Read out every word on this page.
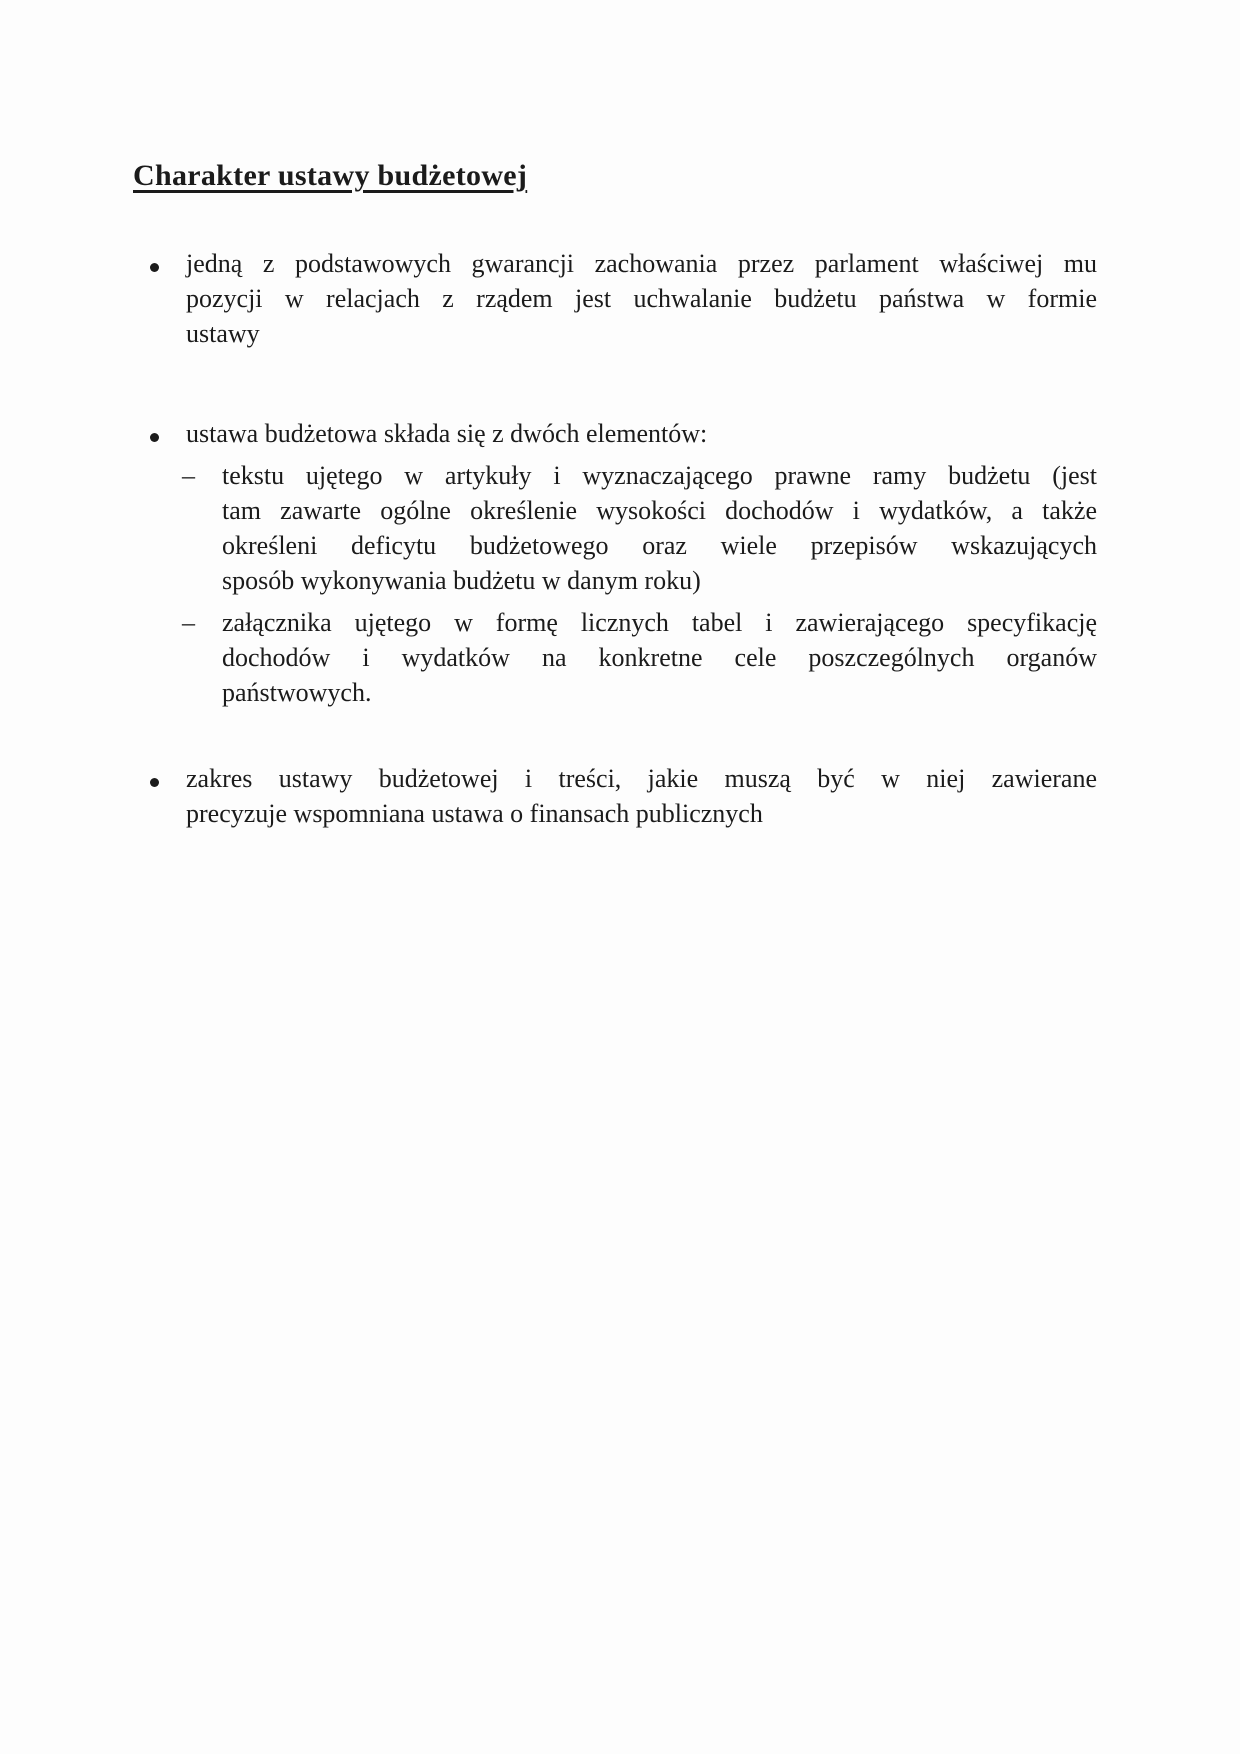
Charakter ustawy budżetowej
jedną z podstawowych gwarancji zachowania przez parlament właściwej mu
pozycji w relacjach z rządem jest uchwalanie budżetu państwa w formie
ustawy
ustawa budżetowa składa się z dwóch elementów:
– tekstu ujętego w artykuły i wyznaczającego prawne ramy budżetu (jest
tam zawarte ogólne określenie wysokości dochodów i wydatków, a także
określeni deficytu budżetowego oraz wiele przepisów wskazujących
sposób wykonywania budżetu w danym roku)
– załącznika ujętego w formę licznych tabel i zawierającego specyfikację
dochodów i wydatków na konkretne cele poszczególnych organów
państwowych.
zakres ustawy budżetowej i treści, jakie muszą być w niej zawierane
precyzuje wspomniana ustawa o finansach publicznych
